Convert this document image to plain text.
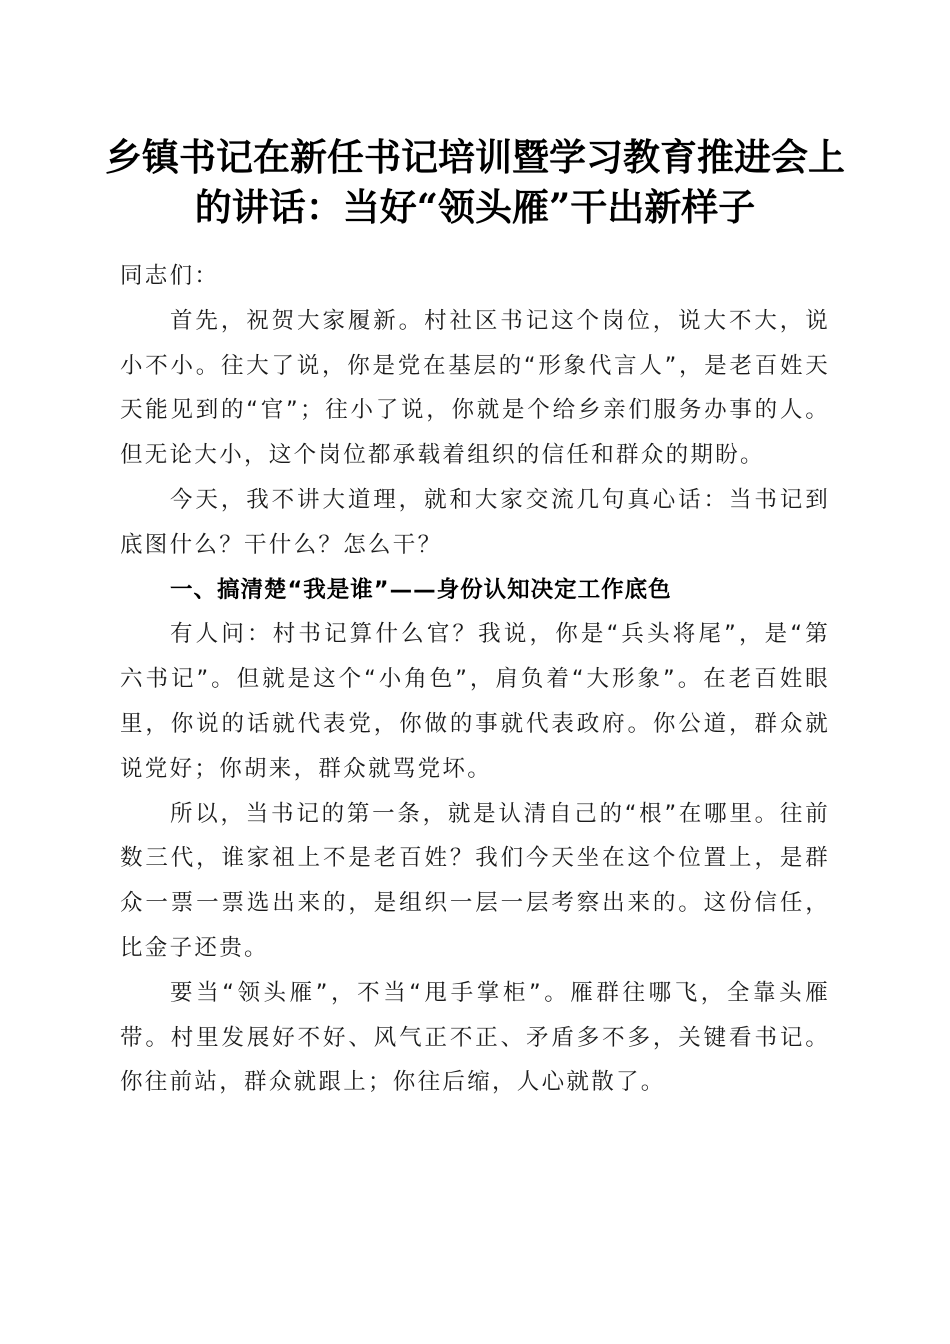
乡镇书记在新任书记培训暨学习教育推进会上
的讲话：当好“领头雁”干出新样子

同志们：

首先，祝贺大家履新。村社区书记这个岗位，说大不大，说小不小。往大了说，你是党在基层的“形象代言人”，是老百姓天天能见到的“官”；往小了说，你就是个给乡亲们服务办事的人。但无论大小，这个岗位都承载着组织的信任和群众的期盼。

今天，我不讲大道理，就和大家交流几句真心话：当书记到底图什么？干什么？怎么干？

一、搞清楚“我是谁”——身份认知决定工作底色

有人问：村书记算什么官？我说，你是“兵头将尾”，是“第六书记”。但就是这个“小角色”，肩负着“大形象”。在老百姓眼里，你说的话就代表党，你做的事就代表政府。你公道，群众就说党好；你胡来，群众就骂党坏。

所以，当书记的第一条，就是认清自己的“根”在哪里。往前数三代，谁家祖上不是老百姓？我们今天坐在这个位置上，是群众一票一票选出来的，是组织一层一层考察出来的。这份信任，比金子还贵。

要当“领头雁”，不当“甩手掌柜”。雁群往哪飞，全靠头雁带。村里发展好不好、风气正不正、矛盾多不多，关键看书记。你往前站，群众就跟上；你往后缩，人心就散了。
